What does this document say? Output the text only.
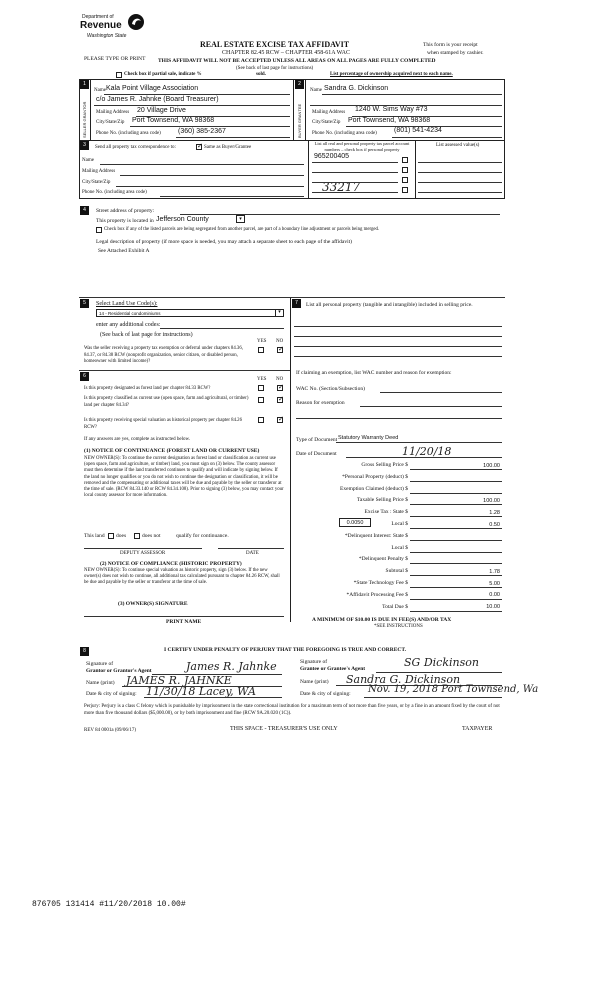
Department of
Revenue
Washington State
PLEASE TYPE OR PRINT
REAL ESTATE EXCISE TAX AFFIDAVIT
CHAPTER 82.45 RCW – CHAPTER 458-61A WAC
THIS AFFIDAVIT WILL NOT BE ACCEPTED UNLESS ALL AREAS ON ALL PAGES ARE FULLY COMPLETED
(See back of last page for instructions)
This form is your receipt
when stamped by cashier.
Check box if partial sale, indicate %	sold.	List percentage of ownership acquired next to each name.
1
SELLER GRANTOR
Name Kala Point Village Association
c/o James R. Jahnke (Board Treasurer)
Mailing Address 20 Village Drive
City/State/Zip Port Townsend, WA 98368
Phone No. (including area code) (360) 385-2367
2
BUYER GRANTEE
Name Sandra G. Dickinson
Mailing Address 1240 W. Sims Way #73
City/State/Zip Port Townsend, WA 98368
Phone No. (including area code) (801) 541-4234
3	Send all property tax correspondence to:
✓	Same as Buyer/Grantee
Name
Mailing Address
City/State/Zip
Phone No. (including area code)
List all real and personal property tax parcel account numbers – check box if personal property
List assessed value(s)
965200405
33217
4	Street address of property:
This property is located in Jefferson County	▾
Check box if any of the listed parcels are being segregated from another parcel, are part of a boundary line adjustment or parcels being merged.
Legal description of property (if more space is needed, you may attach a separate sheet to each page of the affidavit)
See Attached Exhibit A
5	Select Land Use Code(s):
14 - Residential condominiums	▾
enter any additional codes:
(See back of last page for instructions)
YES NO
Was the seller receiving a property tax exemption or deferral under chapters 84.36, 84.37, or 84.38 RCW (nonprofit organization, senior citizen, or disabled person, homeowner with limited income)?
✓
6
YES NO
Is this property designated as forest land per chapter 84.33 RCW?
✓
Is this property classified as current use (open space, farm and agricultural, or timber) land per chapter 84.34?
✓
Is this property receiving special valuation as historical property per chapter 84.26 RCW?
✓
If any answers are yes, complete as instructed below.
(1) NOTICE OF CONTINUANCE (FOREST LAND OR CURRENT USE)
NEW OWNER(S): To continue the current designation as forest land or classification as current use (open space, farm and agriculture, or timber) land, you must sign on (3) below. The county assessor must then determine if the land transferred continues to qualify and will indicate by signing below. If the land no longer qualifies or you do not wish to continue the designation or classification, it will be removed and the compensating or additional taxes will be due and payable by the seller or transferor at the time of sale. (RCW 84.33.140 or RCW 84.34.108). Prior to signing (3) below, you may contact your local county assessor for more information.
This land does	does not	qualify for continuance.
DEPUTY ASSESSOR	DATE
(2) NOTICE OF COMPLIANCE (HISTORIC PROPERTY)
NEW OWNER(S): To continue special valuation as historic property, sign (3) below. If the new owner(s) does not wish to continue, all additional tax calculated pursuant to chapter 84.26 RCW, shall be due and payable by the seller or transferor at the time of sale.
(3) OWNER(S) SIGNATURE
PRINT NAME
7	List all personal property (tangible and intangible) included in selling price.
If claiming an exemption, list WAC number and reason for exemption:
WAC No. (Section/Subsection)
Reason for exemption
Type of Document Statutory Warranty Deed
Date of Document	11/20/18
Gross Selling Price $	100.00
*Personal Property (deduct) $
Exemption Claimed (deduct) $
Taxable Selling Price $	100.00
Excise Tax : State $	1.28
Local $	0.50
*Delinquent Interest: State $
Local $
*Delinquent Penalty $
Subtotal $	1.78
*State Technology Fee $	5.00
*Affidavit Processing Fee $	0.00
Total Due $	10.00
0.0050
A MINIMUM OF $10.00 IS DUE IN FEE(S) AND/OR TAX
*SEE INSTRUCTIONS
8	I CERTIFY UNDER PENALTY OF PERJURY THAT THE FOREGOING IS TRUE AND CORRECT.
Signature of
Grantor or Grantor's Agent	James R. Jahnke
Name (print) JAMES R. JAHNKE
Date & city of signing: 11/30/18 Lacey, WA
Signature of
Grantee or Grantee's Agent	SG Dickinson
Name (print) Sandra G. Dickinson
Date & city of signing: Nov. 19, 2018 Port Townsend, Wa
Perjury: Perjury is a class C felony which is punishable by imprisonment in the state correctional institution for a maximum term of not more than five years, or by a fine in an amount fixed by the court of not more than five thousand dollars ($5,000.00), or by both imprisonment and fine (RCW 9A.20.020 (1C)).
REV 84 0001a (09/06/17)	THIS SPACE - TREASURER'S USE ONLY	TAXPAYER
876705 131414 #11/20/2018 10.00#
